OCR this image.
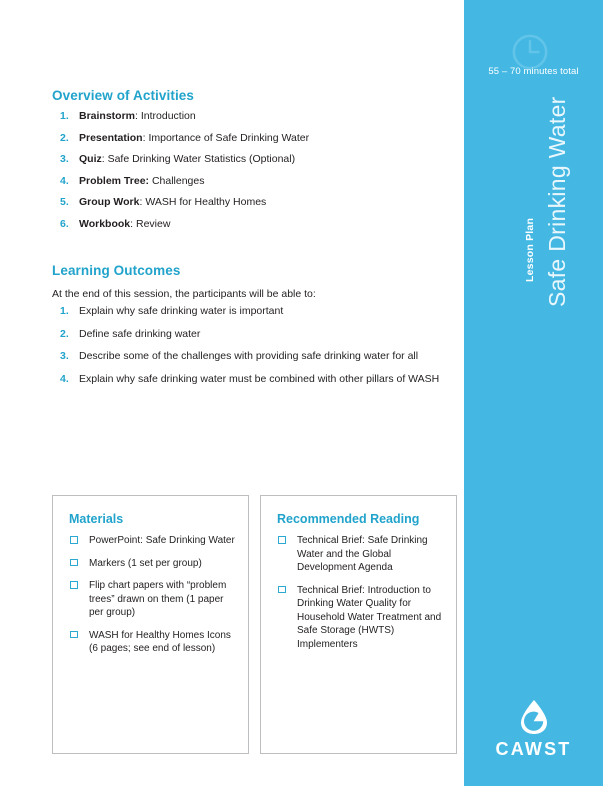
Overview of Activities
1. Brainstorm: Introduction
2. Presentation: Importance of Safe Drinking Water
3. Quiz: Safe Drinking Water Statistics (Optional)
4. Problem Tree: Challenges
5. Group Work: WASH for Healthy Homes
6. Workbook: Review
Learning Outcomes
At the end of this session, the participants will be able to:
1. Explain why safe drinking water is important
2. Define safe drinking water
3. Describe some of the challenges with providing safe drinking water for all
4. Explain why safe drinking water must be combined with other pillars of WASH
Materials
PowerPoint: Safe Drinking Water
Markers (1 set per group)
Flip chart papers with “problem trees” drawn on them (1 paper per group)
WASH for Healthy Homes Icons (6 pages; see end of lesson)
Recommended Reading
Technical Brief: Safe Drinking Water and the Global Development Agenda
Technical Brief: Introduction to Drinking Water Quality for Household Water Treatment and Safe Storage (HWTS) Implementers
55 – 70 minutes total
Lesson Plan Safe Drinking Water
CAWST
